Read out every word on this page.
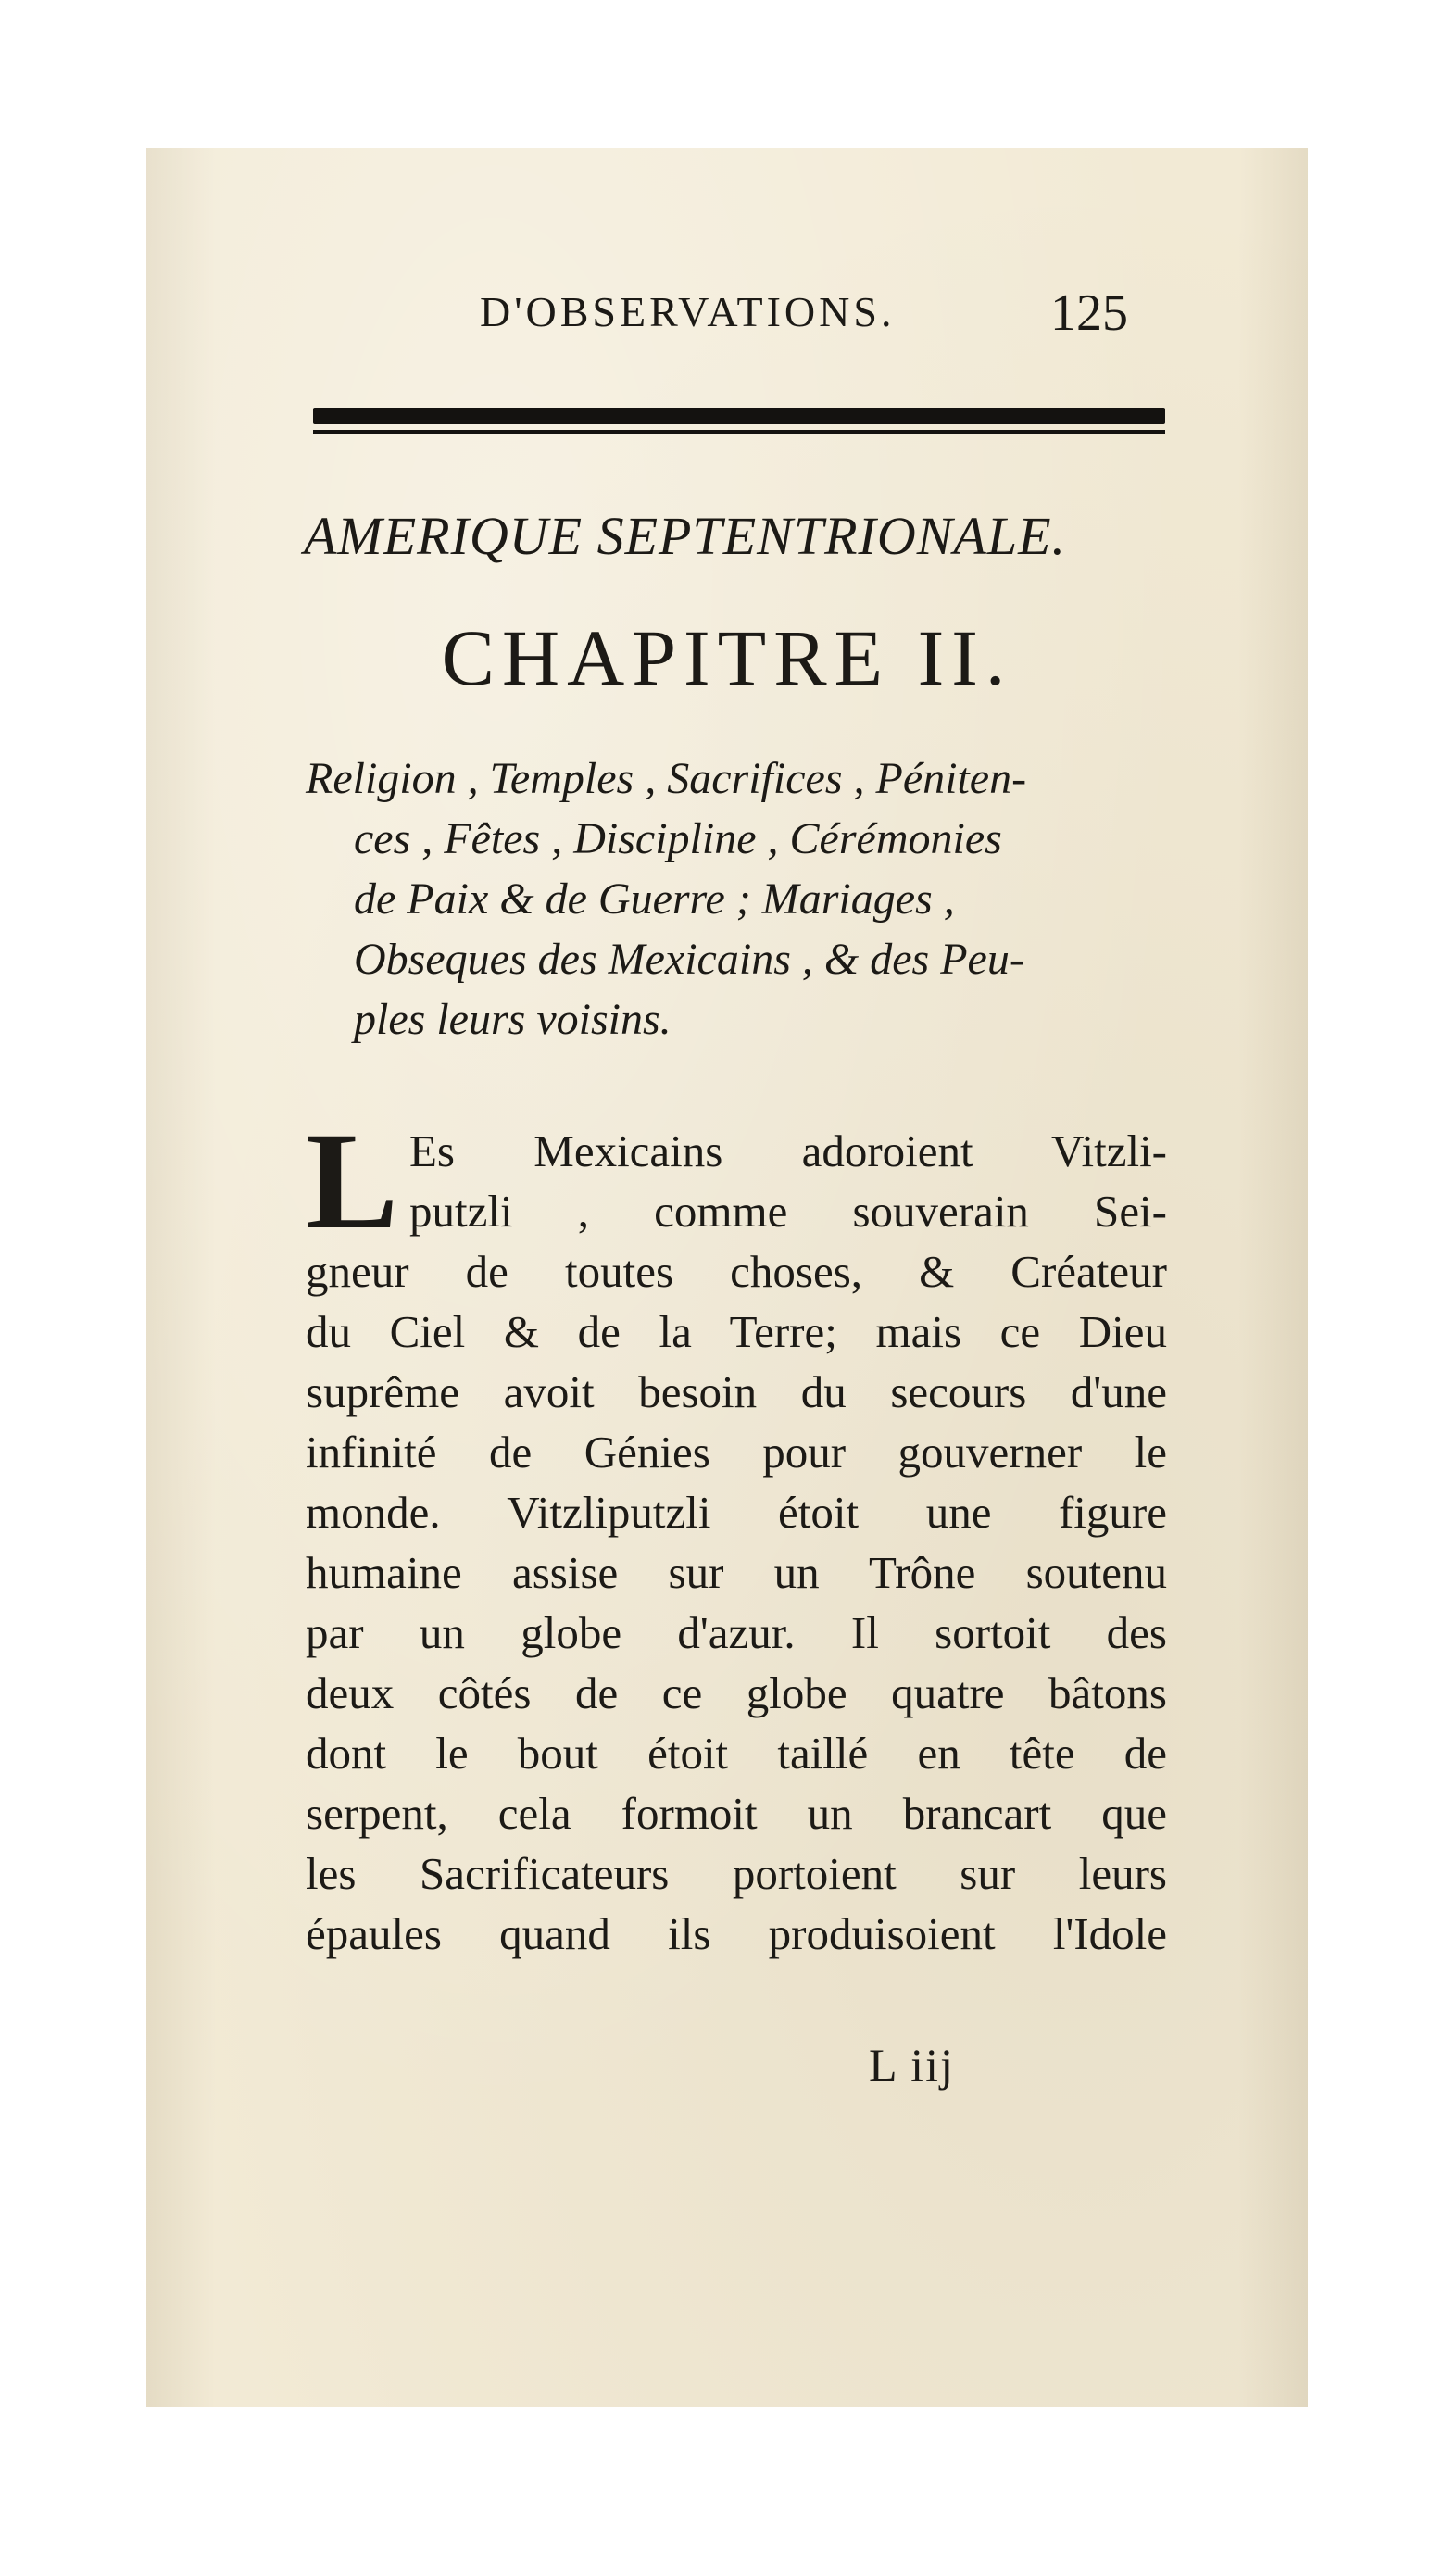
D'OBSERVATIONS.	125
AMERIQUE SEPTENTRIONALE.
CHAPITRE II.
Religion , Temples , Sacrifices , Péniten-
ces , Fêtes , Discipline , Cérémonies
de Paix & de Guerre ; Mariages ,
Obseques des Mexicains , & des Peu-
ples leurs voisins.
L Es Mexicains adoroient Vitzli-
putzli , comme souverain Sei-
gneur de toutes choses, & Créateur
du Ciel & de la Terre; mais ce Dieu
suprême avoit besoin du secours d'une
infinité de Génies pour gouverner le
monde. Vitzliputzli étoit une figure
humaine assise sur un Trône soutenu
par un globe d'azur. Il sortoit des
deux côtés de ce globe quatre bâtons
dont le bout étoit taillé en tête de
serpent, cela formoit un brancart que
les Sacrificateurs portoient sur leurs
épaules quand ils produisoient l'Idole
L iij
